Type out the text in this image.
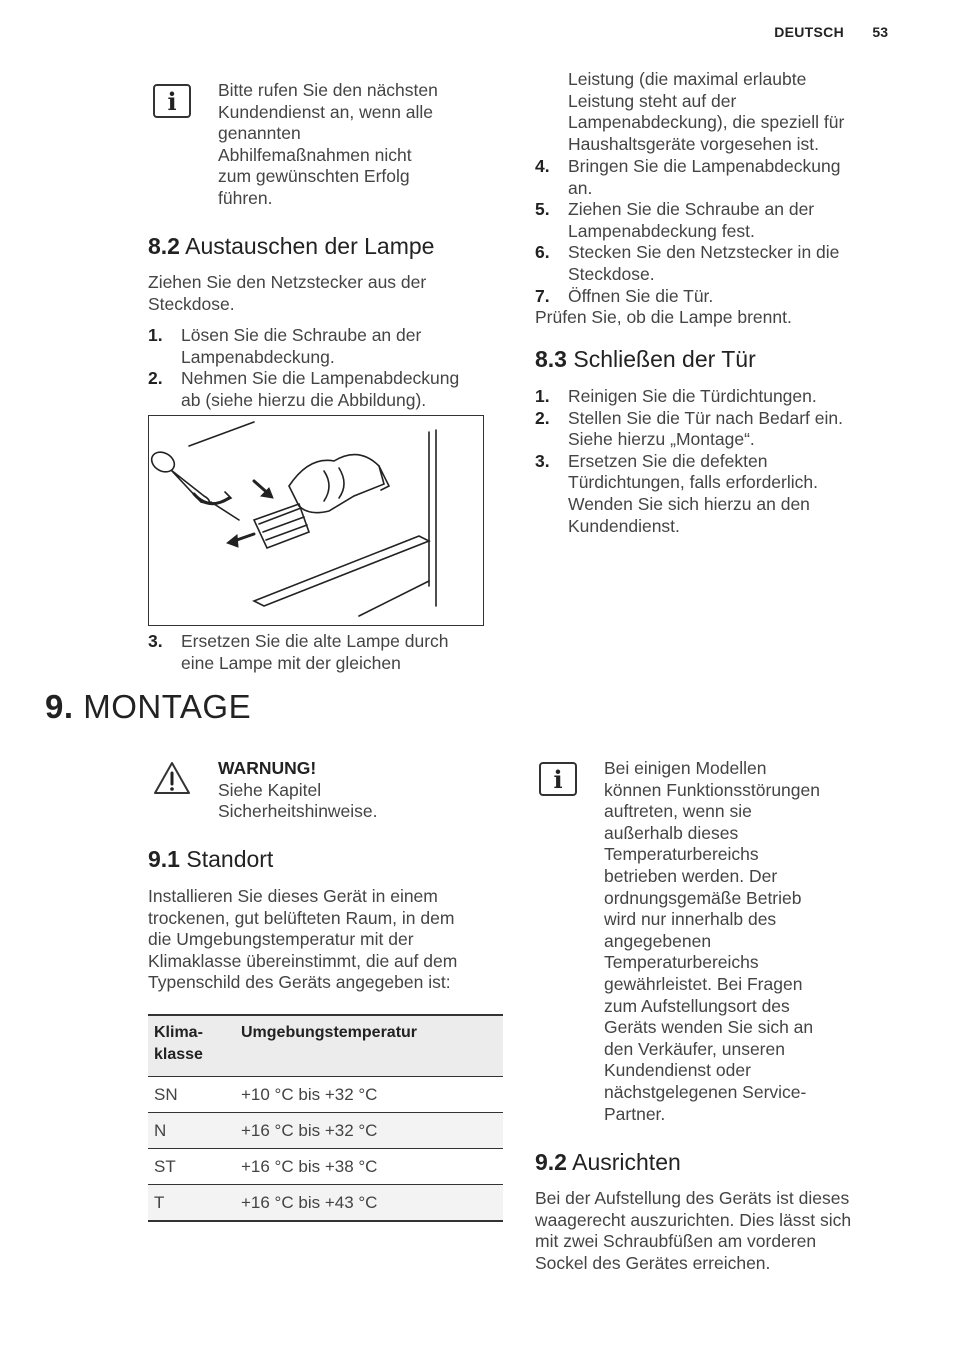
DEUTSCH 53
i	Bitte rufen Sie den nächsten
Kundendienst an, wenn alle
genannten
Abhilfemaßnahmen nicht
zum gewünschten Erfolg
führen.
8.2 Austauschen der Lampe
Ziehen Sie den Netzstecker aus der
Steckdose.
1. Lösen Sie die Schraube an der
Lampenabdeckung.
2. Nehmen Sie die Lampenabdeckung
ab (siehe hierzu die Abbildung).
3. Ersetzen Sie die alte Lampe durch
eine Lampe mit der gleichen
Leistung (die maximal erlaubte
Leistung steht auf der
Lampenabdeckung), die speziell für
Haushaltsgeräte vorgesehen ist.
4. Bringen Sie die Lampenabdeckung
an.
5. Ziehen Sie die Schraube an der
Lampenabdeckung fest.
6. Stecken Sie den Netzstecker in die
Steckdose.
7. Öffnen Sie die Tür.
Prüfen Sie, ob die Lampe brennt.
8.3 Schließen der Tür
1. Reinigen Sie die Türdichtungen.
2. Stellen Sie die Tür nach Bedarf ein.
Siehe hierzu „Montage“.
3. Ersetzen Sie die defekten
Türdichtungen, falls erforderlich.
Wenden Sie sich hierzu an den
Kundendienst.
9. MONTAGE
WARNUNG!
Siehe Kapitel
Sicherheitshinweise.
9.1 Standort
Installieren Sie dieses Gerät in einem
trockenen, gut belüfteten Raum, in dem
die Umgebungstemperatur mit der
Klimaklasse übereinstimmt, die auf dem
Typenschild des Geräts angegeben ist:
Klima-
klasse	Umgebungstemperatur

SN	+10 °C bis +32 °C
N	+16 °C bis +32 °C
ST	+16 °C bis +38 °C
T	+16 °C bis +43 °C
i	Bei einigen Modellen
können Funktionsstörungen
auftreten, wenn sie
außerhalb dieses
Temperaturbereichs
betrieben werden. Der
ordnungsgemäße Betrieb
wird nur innerhalb des
angegebenen
Temperaturbereichs
gewährleistet. Bei Fragen
zum Aufstellungsort des
Geräts wenden Sie sich an
den Verkäufer, unseren
Kundendienst oder
nächstgelegenen Service-
Partner.
9.2 Ausrichten
Bei der Aufstellung des Geräts ist dieses
waagerecht auszurichten. Dies lässt sich
mit zwei Schraubfüßen am vorderen
Sockel des Gerätes erreichen.
